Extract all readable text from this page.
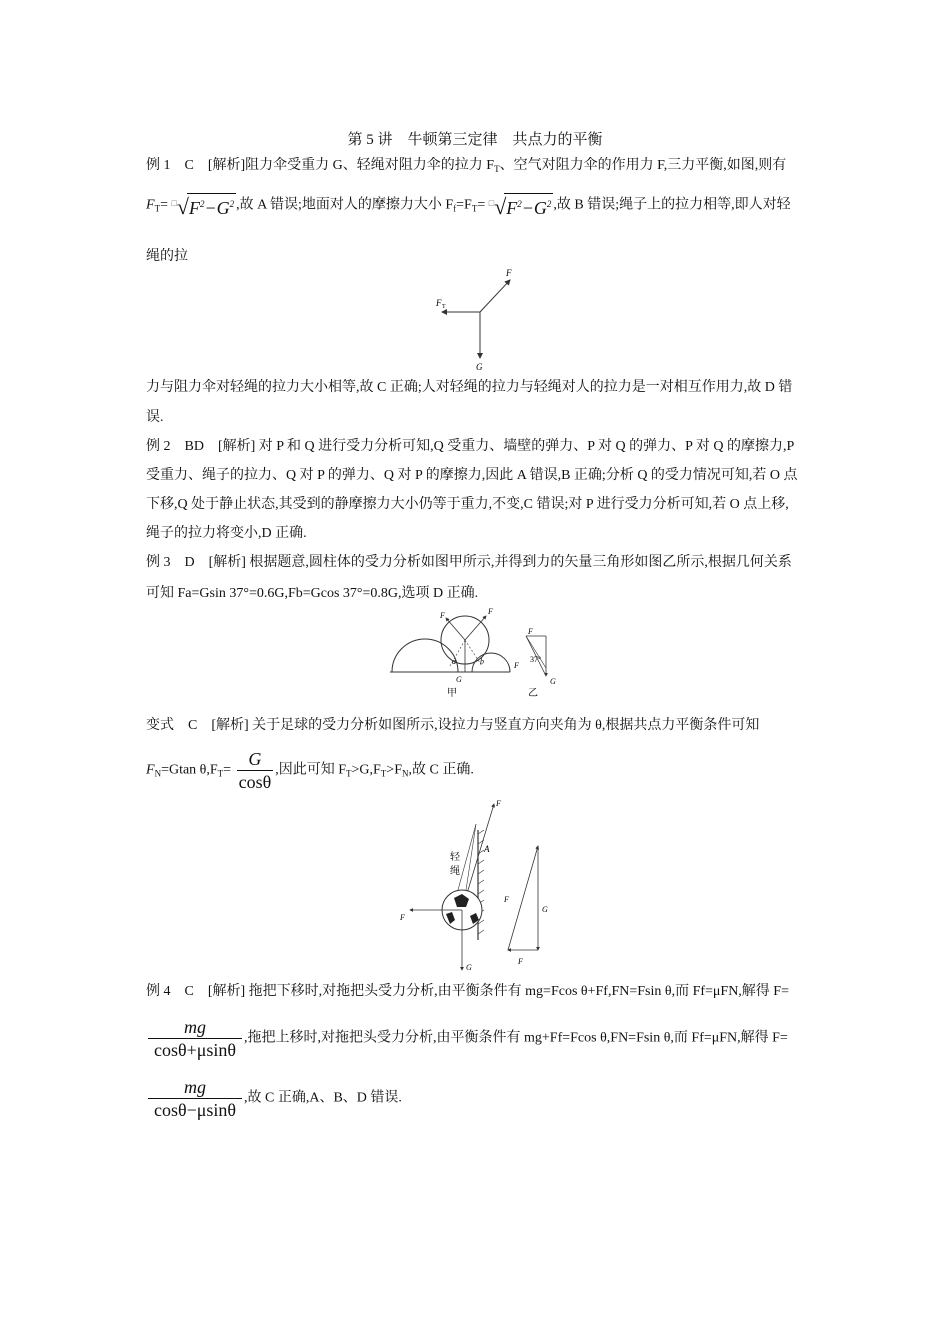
第 5 讲　牛顿第三定律　共点力的平衡
例 1　C　[解析]阻力伞受重力 G、轻绳对阻力伞的拉力 $F_T$、空气对阻力伞的作用力 F,三力平衡,如图,则有
$F_T=$ $□√F^2-G^2$ ,故 A 错误;地面对人的摩擦力大小 $F_f=F_T=$ $□√F^2-G^2$ ,故 B 错误;绳子上的拉力相等,即人对轻
绳的拉
F
F T
G
力与阻力伞对轻绳的拉力大小相等,故 C 正确;人对轻绳的拉力与轻绳对人的拉力是一对相互作用力,故 D 错
误.
例 2　BD　[解析] 对 P 和 Q 进行受力分析可知,Q 受重力、墙壁的弹力、P 对 Q 的弹力、P 对 Q 的摩擦力,P
受重力、绳子的拉力、Q 对 P 的弹力、Q 对 P 的摩擦力,因此 A 错误,B 正确;分析 Q 的受力情况可知,若 O 点
下移,Q 处于静止状态,其受到的静摩擦力大小仍等于重力,不变,C 错误;对 P 进行受力分析可知,若 O 点上移,
绳子的拉力将变小,D 正确.
例 3　D　[解析] 根据题意,圆柱体的受力分析如图甲所示,并得到力的矢量三角形如图乙所示,根据几何关系
可知 Fa=Gsin 37°=0.6G,Fb=Gcos 37°=0.8G,选项 D 正确.
F	F
a	b
G
甲
F
F
37°
G
乙
变式　C　[解析] 关于足球的受力分析如图所示,设拉力与竖直方向夹角为 θ,根据共点力平衡条件可知
$F_N=Gtan$ $\theta,F_T= \frac{G}{\cos\theta}$ ,因此可知 $F_T>G,F_T>F_N$,故 C 正确.
F
轻
绳
A
F
G
F
G
F
例 4　C　[解析] 拖把下移时,对拖把头受力分析,由平衡条件有 mg=Fcos θ+Ff,FN=Fsin θ,而 Ff=μFN,解得 F=
$\frac{mg}{\cos\theta+\mu\sin\theta}$ ,拖把上移时,对拖把头受力分析,由平衡条件有 mg+Ff=Fcos θ,FN=Fsin θ,而 Ff=μFN,解得 F=
$\frac{mg}{\cos\theta-\mu\sin\theta}$ ,故 C 正确,A、B、D 错误.
